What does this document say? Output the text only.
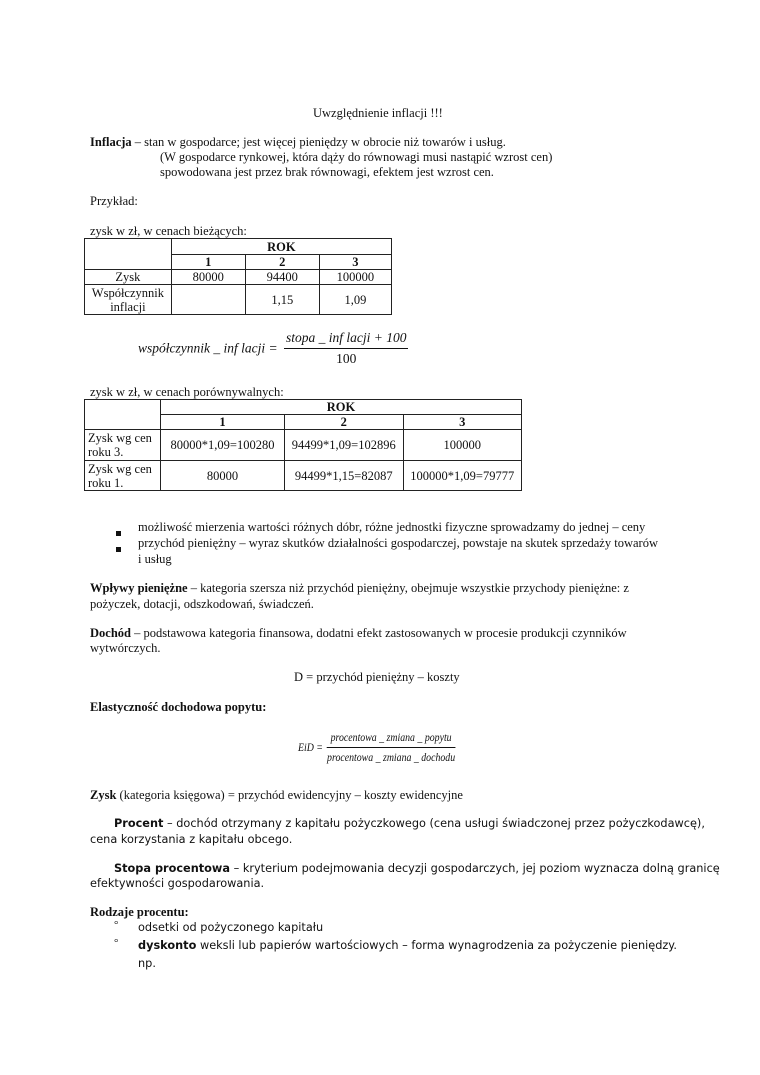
Uwzględnienie inflacji !!!
Inflacja – stan w gospodarce; jest więcej pieniędzy w obrocie niż towarów i usług.
(W gospodarce rynkowej, która dąży do równowagi musi nastąpić wzrost cen)
spowodowana jest przez brak równowagi, efektem jest wzrost cen.
Przykład:
zysk w zł, w cenach bieżących:
	ROK		
	1	2	3
Zysk	80000	94400	100000
Współczynnik
inflacji		1,15	1,09
współczynnik _ inf lacji = $\frac{\text{stopa \_ inf lacji + 100}}{100}$
zysk w zł, w cenach porównywalnych:
	ROK		
	1	2	3
Zysk wg cen
roku 3.	80000*1,09=100280	94499*1,09=102896	100000
Zysk wg cen
roku 1.	80000	94499*1,15=82087	100000*1,09=79777
możliwość mierzenia wartości różnych dóbr, różne jednostki fizyczne sprowadzamy do jednej – ceny
przychód pieniężny – wyraz skutków działalności gospodarczej, powstaje na skutek sprzedaży towarów
i usług
Wpływy pieniężne – kategoria szersza niż przychód pieniężny, obejmuje wszystkie przychody pieniężne: z
pożyczek, dotacji, odszkodowań, świadczeń.
Dochód – podstawowa kategoria finansowa, dodatni efekt zastosowanych w procesie produkcji czynników
wytwórczych.
D = przychód pieniężny – koszty
Elastyczność dochodowa popytu:
EiD = $\frac{\text{procentowa \_ zmiana \_ popytu}}{\text{procentowa \_ zmiana \_ dochodu}}$
Zysk (kategoria księgowa) = przychód ewidencyjny – koszty ewidencyjne
Procent – dochód otrzymany z kapitału pożyczkowego (cena usługi świadczonej przez pożyczkodawcę),
cena korzystania z kapitału obcego.
Stopa procentowa – kryterium podejmowania decyzji gospodarczych, jej poziom wyznacza dolną granicę
efektywności gospodarowania.
Rodzaje procentu:
° odsetki od pożyczonego kapitału
° dyskonto weksli lub papierów wartościowych – forma wynagrodzenia za pożyczenie pieniędzy.
np.
